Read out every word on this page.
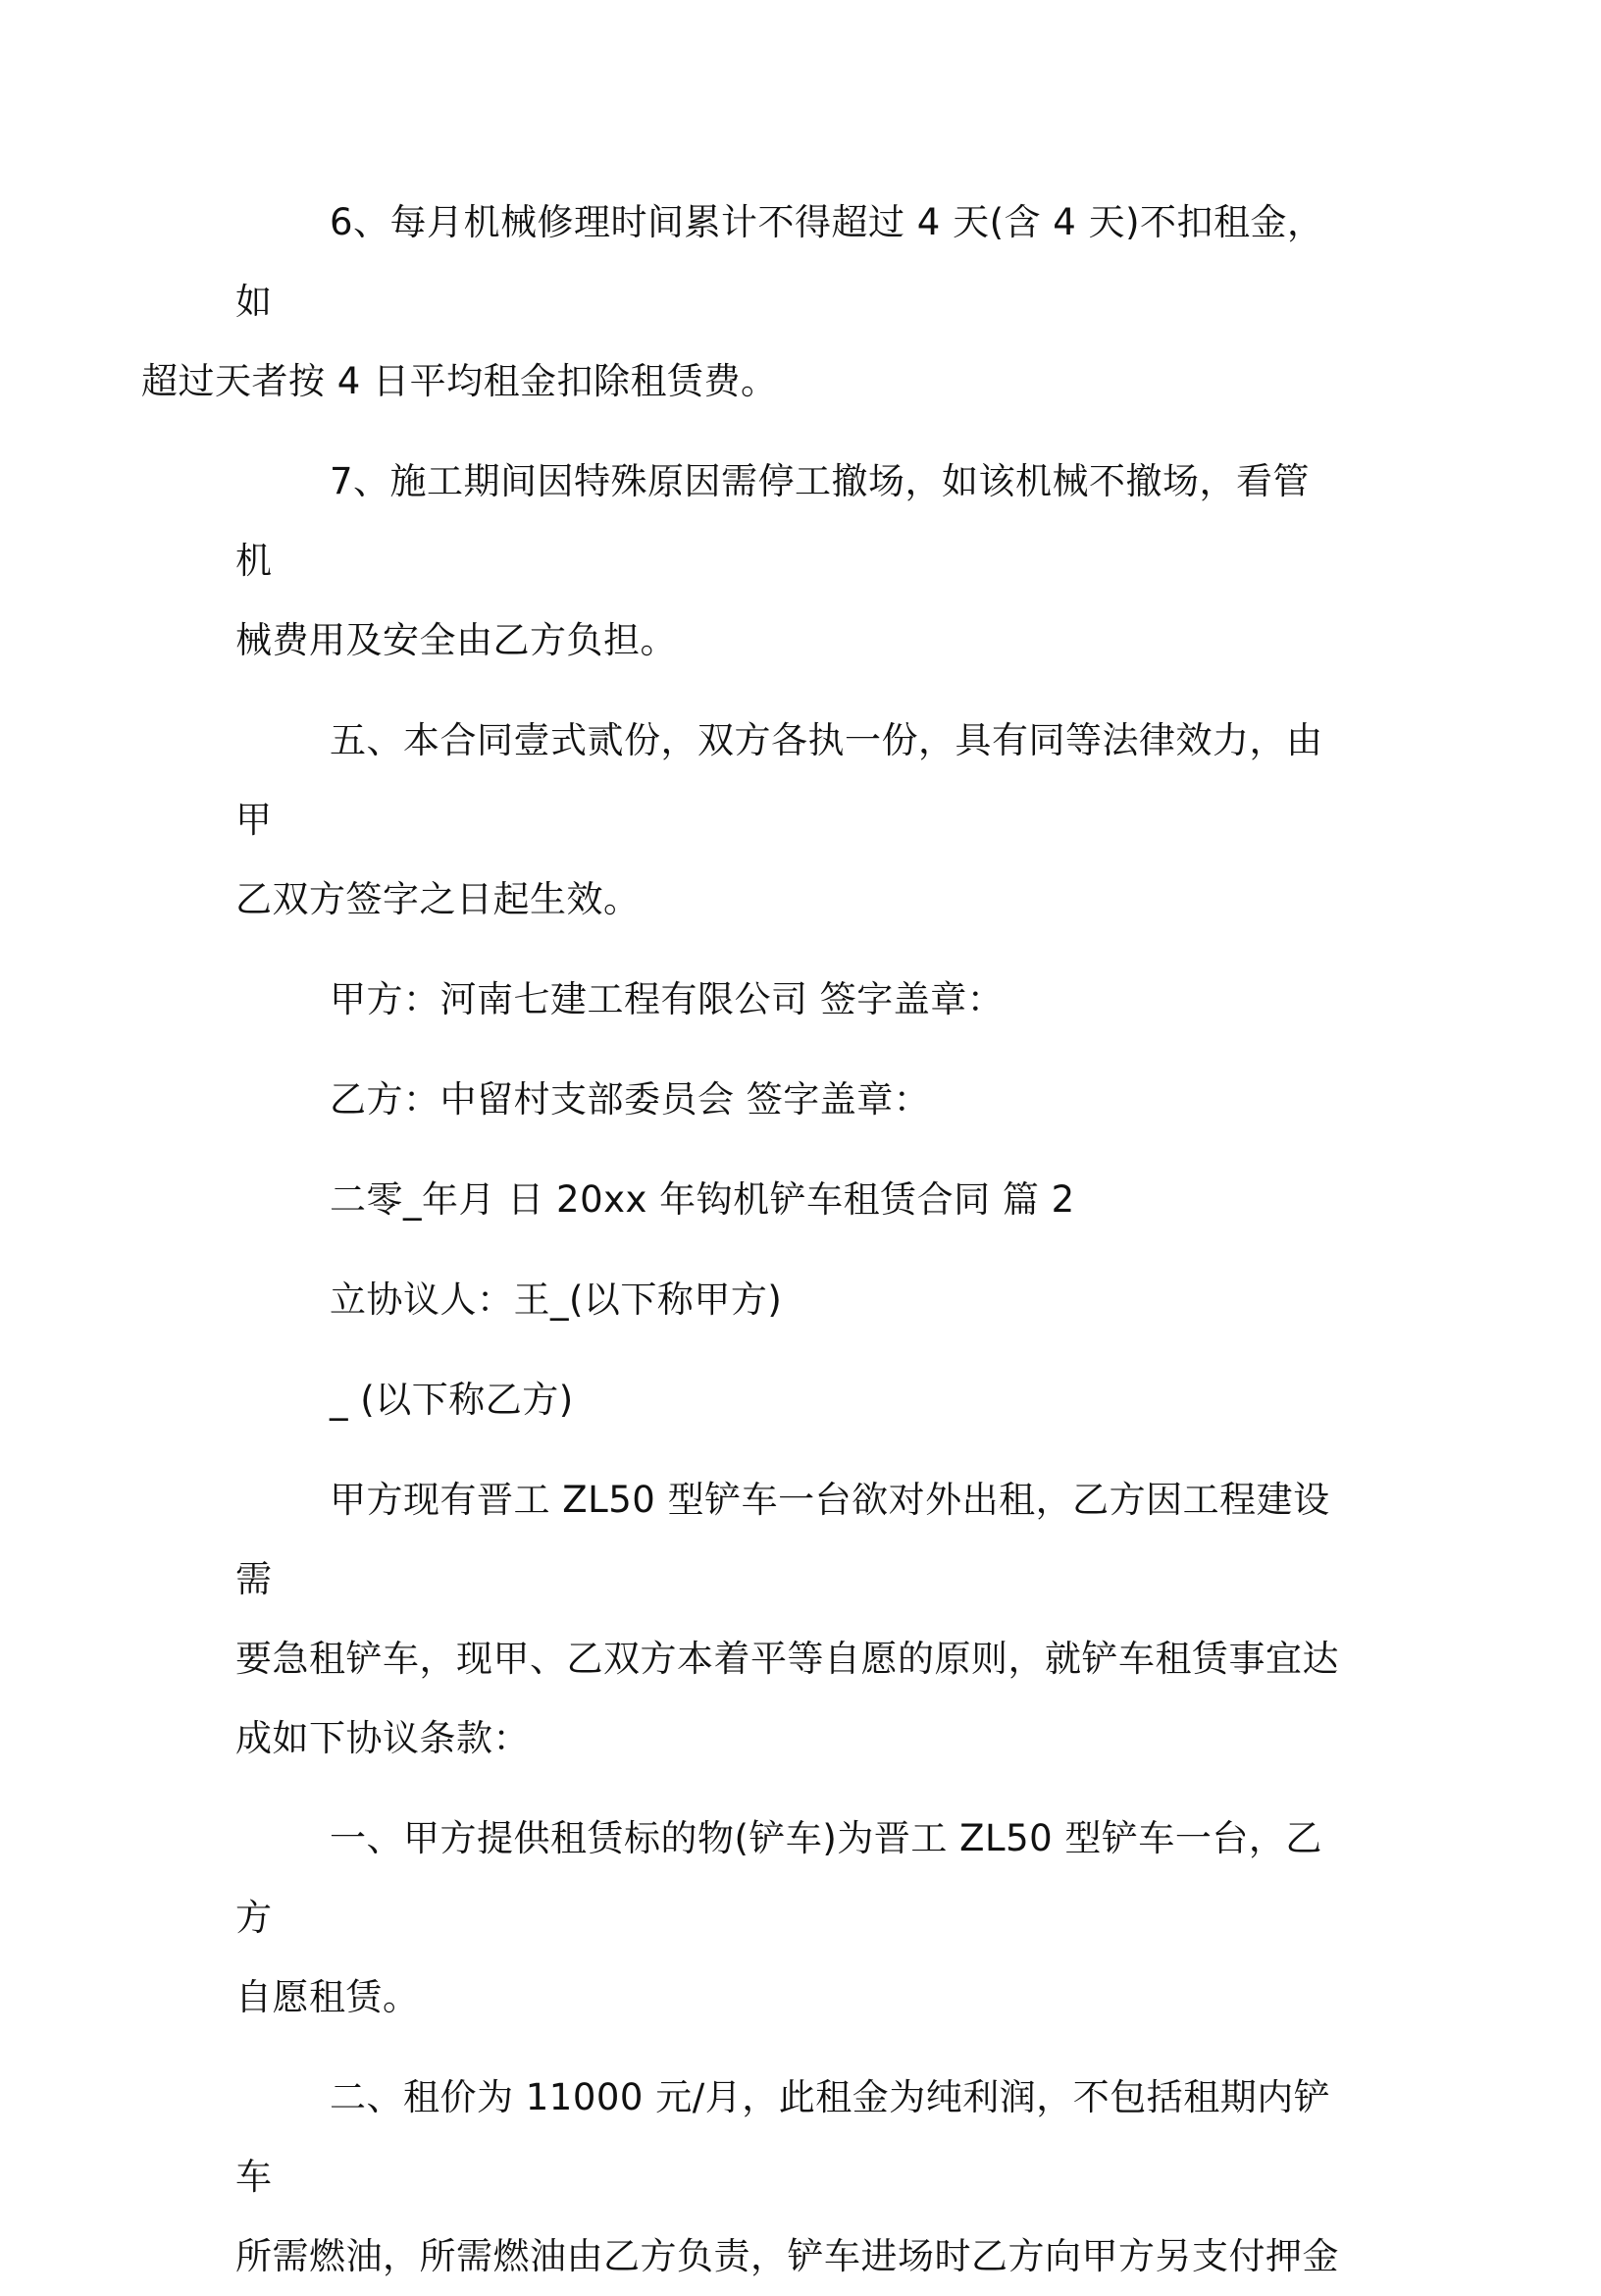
6、每月机械修理时间累计不得超过 4 天(含 4 天)不扣租金，如
超过天者按 4 日平均租金扣除租赁费。

7、施工期间因特殊原因需停工撤场，如该机械不撤场，看管机
械费用及安全由乙方负担。

五、本合同壹式贰份，双方各执一份，具有同等法律效力，由甲
乙双方签字之日起生效。

甲方：河南七建工程有限公司 签字盖章：

乙方：中留村支部委员会 签字盖章：

二零_年月 日 20xx 年钩机铲车租赁合同 篇 2

立协议人：王_(以下称甲方)

_ (以下称乙方)

甲方现有晋工 ZL50 型铲车一台欲对外出租，乙方因工程建设需
要急租铲车，现甲、乙双方本着平等自愿的原则，就铲车租赁事宜达
成如下协议条款：

一、甲方提供租赁标的物(铲车)为晋工 ZL50 型铲车一台，乙方
自愿租赁。

二、租价为 11000 元/月，此租金为纯利润，不包括租期内铲车
所需燃油，所需燃油由乙方负责，铲车进场时乙方向甲方另支付押金
